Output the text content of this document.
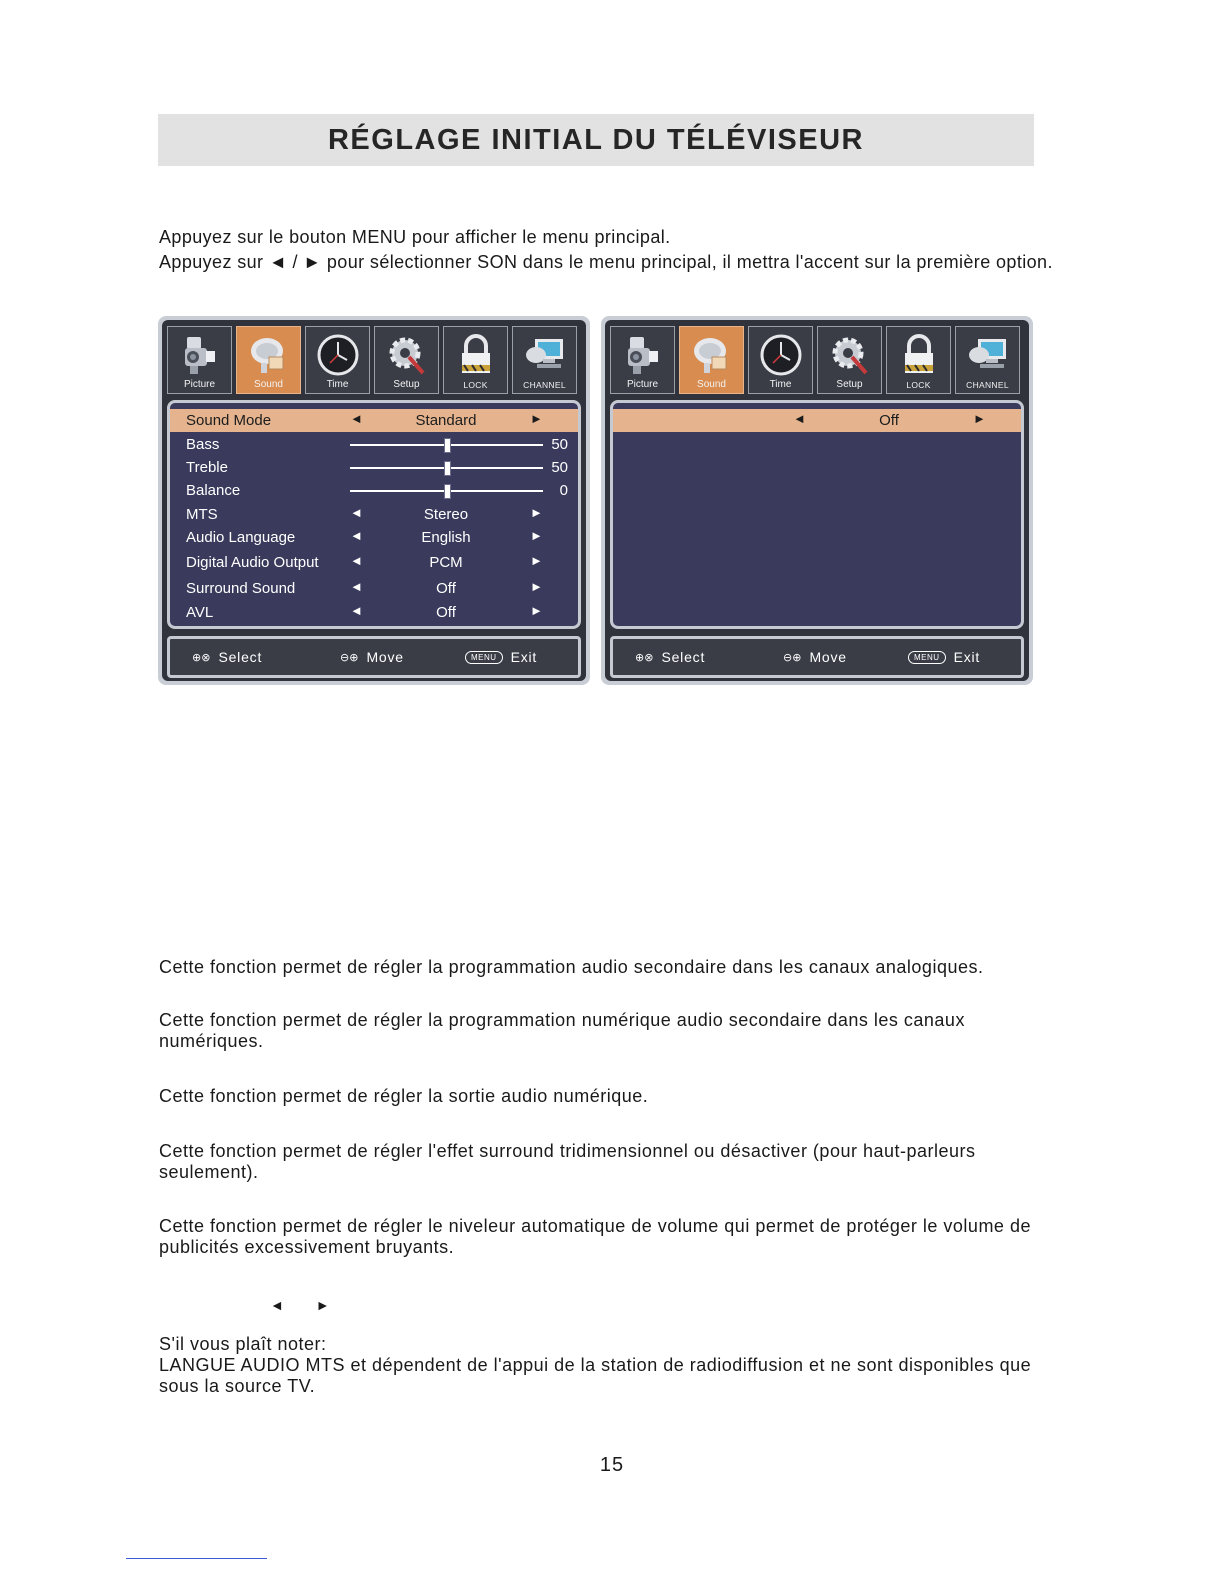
RÉGLAGE INITIAL DU TÉLÉVISEUR

Appuyez sur le bouton MENU pour afficher le menu principal.

Appuyez sur ◄ / ► pour sélectionner SON dans le menu principal, il mettra l'accent sur la première option.

Picture	Sound	Time	Setup	LOCK	CHANNEL
Sound Mode	◄	Standard	►
Bass	50
Treble	50
Balance	0
MTS	◄	Stereo	►
Audio Language	◄	English	►
Digital Audio Output ◄	PCM	►
Surround Sound	◄	Off	►
AVL	◄	Off	►
⊕⊗ Select	⊖⊕ Move	MENU	Exit
Picture	Sound	Time	Setup	LOCK	CHANNEL
◄	Off	►
⊕⊗ Select	⊖⊕ Move	MENU	Exit

Cette fonction permet de régler la programmation audio secondaire dans les canaux analogiques.

Cette fonction permet de régler la programmation numérique audio secondaire dans les canaux numériques.

Cette fonction permet de régler la sortie audio numérique.

Cette fonction permet de régler l'effet surround tridimensionnel ou désactiver (pour haut-parleurs seulement).

Cette fonction permet de régler le niveleur automatique de volume qui permet de protéger le volume de publicités excessivement bruyants.

◄ ►

S'il vous plaît noter:

LANGUE AUDIO MTS et dépendent de l'appui de la station de radiodiffusion et ne sont disponibles que sous la source TV.

15
